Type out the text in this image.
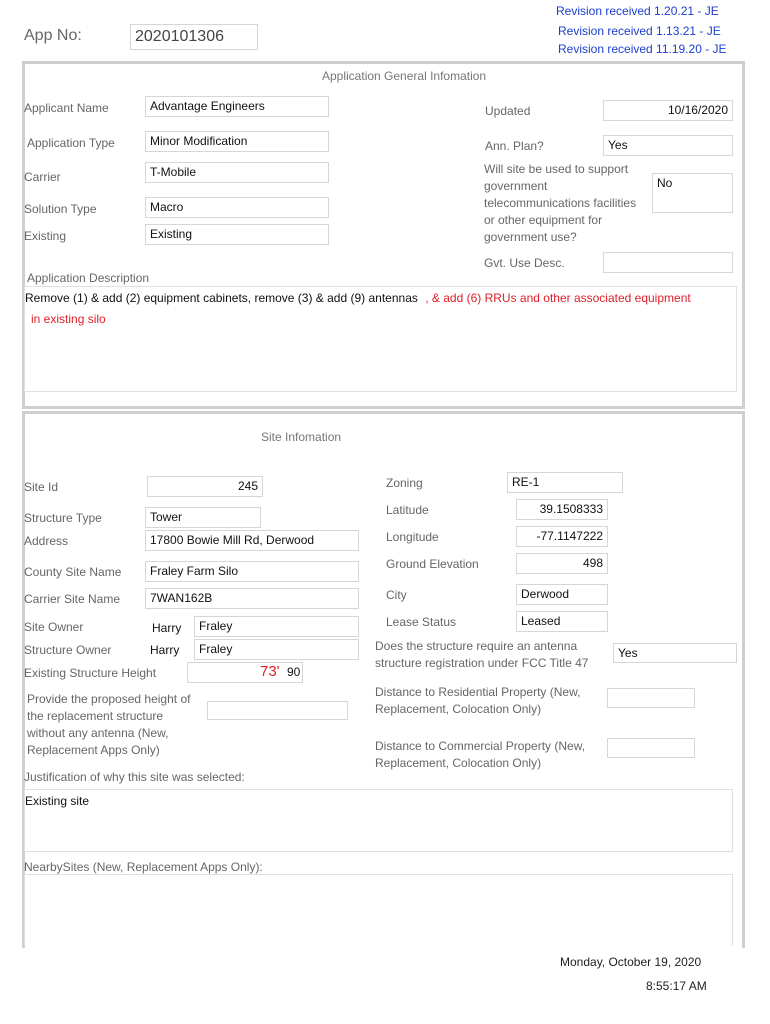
App No:	2020101306
Revision received 1.20.21 - JE
Revision received 1.13.21 - JE
Revision received 11.19.20 - JE
Application General Infomation
Applicant Name	Advantage Engineers
Application Type	Minor Modification
Carrier	T-Mobile
Solution Type	Macro
Existing	Existing
Updated	10/16/2020
Ann. Plan?	Yes
Will site be used to support government telecommunications facilities or other equipment for government use?
No
Gvt. Use Desc.
Application Description
Remove (1) & add (2) equipment cabinets, remove (3) & add (9) antennas , & add (6) RRUs and other associated equipment
in existing silo
Site Infomation
Site Id	245
Structure Type	Tower
Address	17800 Bowie Mill Rd, Derwood
County Site Name	Fraley Farm Silo
Carrier Site Name	7WAN162B
Site Owner	Harry	Fraley
Structure Owner	Harry	Fraley
Existing Structure Height	73' 90
Provide the proposed height of the replacement structure without any antenna (New, Replacement Apps Only)
Zoning	RE-1
Latitude	39.1508333
Longitude	-77.1147222
Ground Elevation	498
City	Derwood
Lease Status	Leased
Does the structure require an antenna structure registration under FCC Title 47
Yes
Distance to Residential Property (New, Replacement, Colocation Only)
Distance to Commercial Property (New, Replacement, Colocation Only)
Justification of why this site was selected:
Existing site
NearbySites (New, Replacement Apps Only):
Monday, October 19, 2020
8:55:17 AM
